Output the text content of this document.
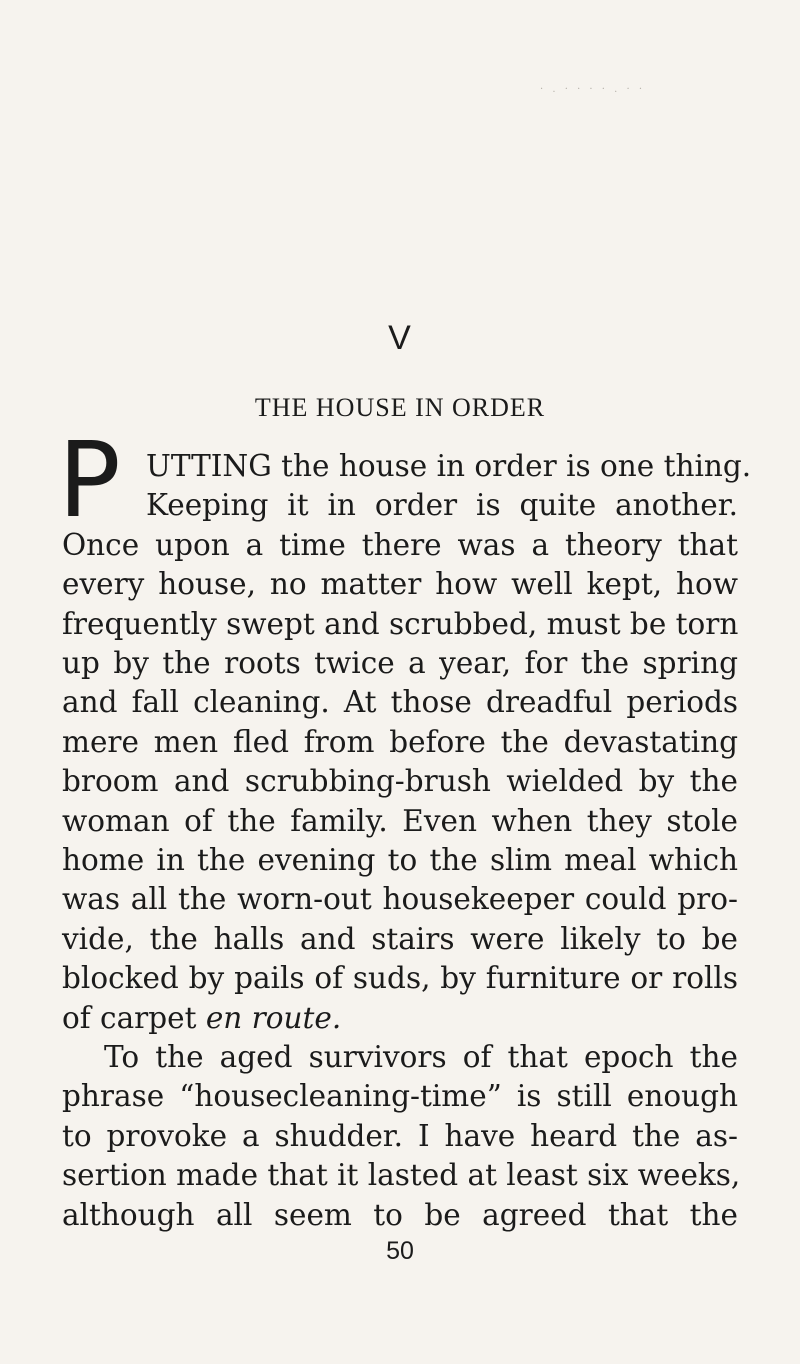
· . · · · · . · ·
V
THE HOUSE IN ORDER
P UTTING the house in order is one thing.
Keeping it in order is quite another.
Once upon a time there was a theory that
every house, no matter how well kept, how
frequently swept and scrubbed, must be torn
up by the roots twice a year, for the spring
and fall cleaning. At those dreadful periods
mere men fled from before the devastating
broom and scrubbing-brush wielded by the
woman of the family. Even when they stole
home in the evening to the slim meal which
was all the worn-out housekeeper could pro-
vide, the halls and stairs were likely to be
blocked by pails of suds, by furniture or rolls
of carpet en route.
To the aged survivors of that epoch the
phrase “housecleaning-time” is still enough
to provoke a shudder. I have heard the as-
sertion made that it lasted at least six weeks,
although all seem to be agreed that the
50
